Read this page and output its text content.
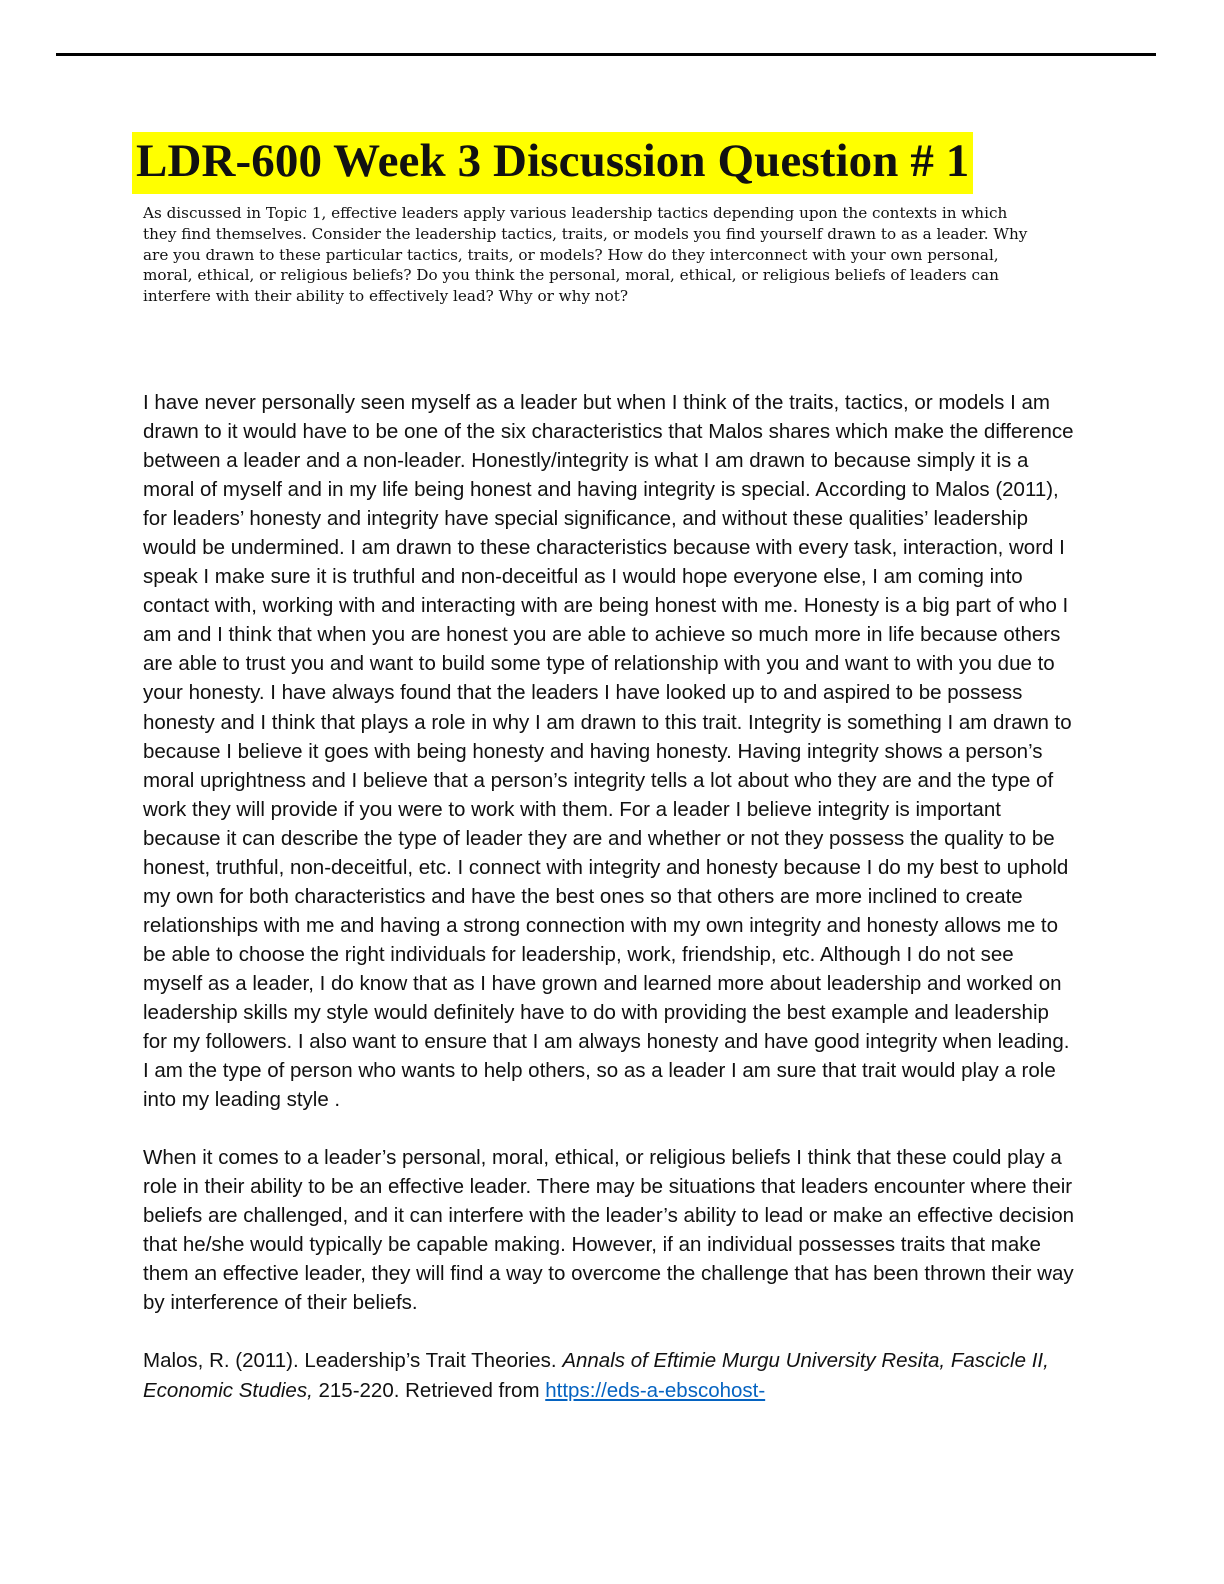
LDR-600 Week 3 Discussion Question # 1

As discussed in Topic 1, effective leaders apply various leadership tactics depending upon the contexts in which they find themselves. Consider the leadership tactics, traits, or models you find yourself drawn to as a leader. Why are you drawn to these particular tactics, traits, or models? How do they interconnect with your own personal, moral, ethical, or religious beliefs? Do you think the personal, moral, ethical, or religious beliefs of leaders can interfere with their ability to effectively lead? Why or why not?

I have never personally seen myself as a leader but when I think of the traits, tactics, or models I am drawn to it would have to be one of the six characteristics that Malos shares which make the difference between a leader and a non-leader. Honestly/integrity is what I am drawn to because simply it is a moral of myself and in my life being honest and having integrity is special. According to Malos (2011), for leaders’ honesty and integrity have special significance, and without these qualities’ leadership would be undermined. I am drawn to these characteristics because with every task, interaction, word I speak I make sure it is truthful and non-deceitful as I would hope everyone else, I am coming into contact with, working with and interacting with are being honest with me. Honesty is a big part of who I am and I think that when you are honest you are able to achieve so much more in life because others are able to trust you and want to build some type of relationship with you and want to with you due to your honesty. I have always found that the leaders I have looked up to and aspired to be possess honesty and I think that plays a role in why I am drawn to this trait. Integrity is something I am drawn to because I believe it goes with being honesty and having honesty. Having integrity shows a person’s moral uprightness and I believe that a person’s integrity tells a lot about who they are and the type of work they will provide if you were to work with them. For a leader I believe integrity is important because it can describe the type of leader they are and whether or not they possess the quality to be honest, truthful, non-deceitful, etc. I connect with integrity and honesty because I do my best to uphold my own for both characteristics and have the best ones so that others are more inclined to create relationships with me and having a strong connection with my own integrity and honesty allows me to be able to choose the right individuals for leadership, work, friendship, etc. Although I do not see myself as a leader, I do know that as I have grown and learned more about leadership and worked on leadership skills my style would definitely have to do with providing the best example and leadership for my followers. I also want to ensure that I am always honesty and have good integrity when leading. I am the type of person who wants to help others, so as a leader I am sure that trait would play a role into my leading style .

When it comes to a leader’s personal, moral, ethical, or religious beliefs I think that these could play a role in their ability to be an effective leader. There may be situations that leaders encounter where their beliefs are challenged, and it can interfere with the leader’s ability to lead or make an effective decision that he/she would typically be capable making. However, if an individual possesses traits that make them an effective leader, they will find a way to overcome the challenge that has been thrown their way by interference of their beliefs.

Malos, R. (2011). Leadership’s Trait Theories. Annals of Eftimie Murgu University Resita, Fascicle II, Economic Studies, 215-220. Retrieved from https://eds-a-ebscohost-
